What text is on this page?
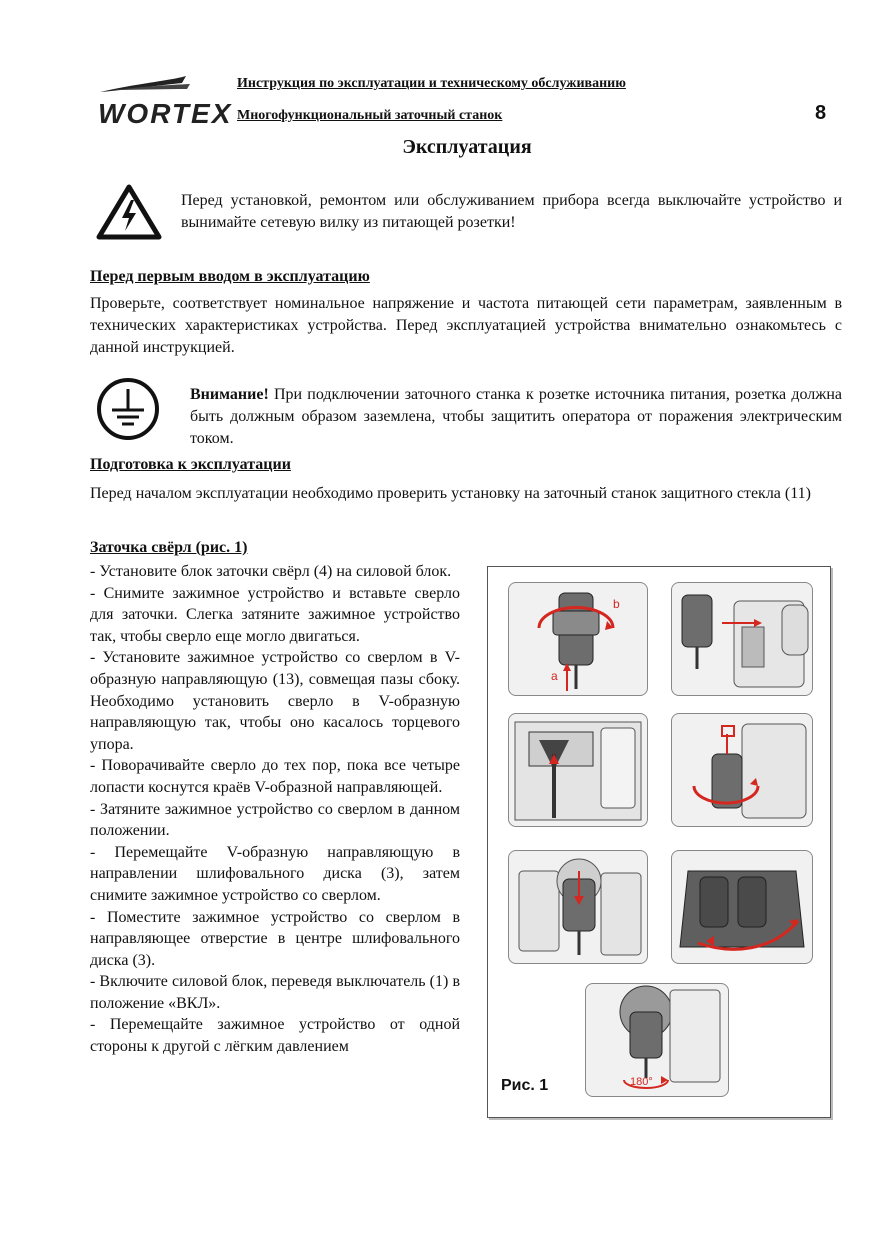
WORTEX
Инструкция по эксплуатации и техническому обслуживанию
Многофункциональный заточный станок	8
Эксплуатация
Перед установкой, ремонтом или обслуживанием прибора всегда выключайте устройство и вынимайте сетевую вилку из питающей розетки!
Перед первым вводом в эксплуатацию
Проверьте, соответствует номинальное напряжение и частота питающей сети параметрам, заявленным в технических характеристиках устройства. Перед эксплуатацией устройства внимательно ознакомьтесь с данной инструкцией.
Внимание! При подключении заточного станка к розетке источника питания, розетка должна быть должным образом заземлена, чтобы защитить оператора от поражения электрическим током.
Подготовка к эксплуатации
Перед началом эксплуатации необходимо проверить установку на заточный станок защитного стекла (11)
Заточка свёрл (рис. 1)

- Установите блок заточки свёрл (4) на силовой блок.

- Снимите зажимное устройство и вставьте сверло для заточки. Слегка затяните зажимное устройство так, чтобы сверло еще могло двигаться.

- Установите зажимное устройство со сверлом в V-образную направляющую (13), совмещая пазы сбоку. Необходимо установить сверло в V-образную направляющую так, чтобы оно касалось торцевого упора.

- Поворачивайте сверло до тех пор, пока все четыре лопасти коснутся краёв V-образной направляющей.

- Затяните зажимное устройство со сверлом в данном положении.

- Перемещайте V-образную направляющую в направлении шлифовального диска (3), затем снимите зажимное устройство со сверлом.

- Поместите зажимное устройство со сверлом в направляющее отверстие в центре шлифовального диска (3).

- Включите силовой блок, переведя выключатель (1) в положение «ВКЛ».

- Перемещайте зажимное устройство от одной стороны к другой с лёгким давлением

a
b
180°
Рис. 1
